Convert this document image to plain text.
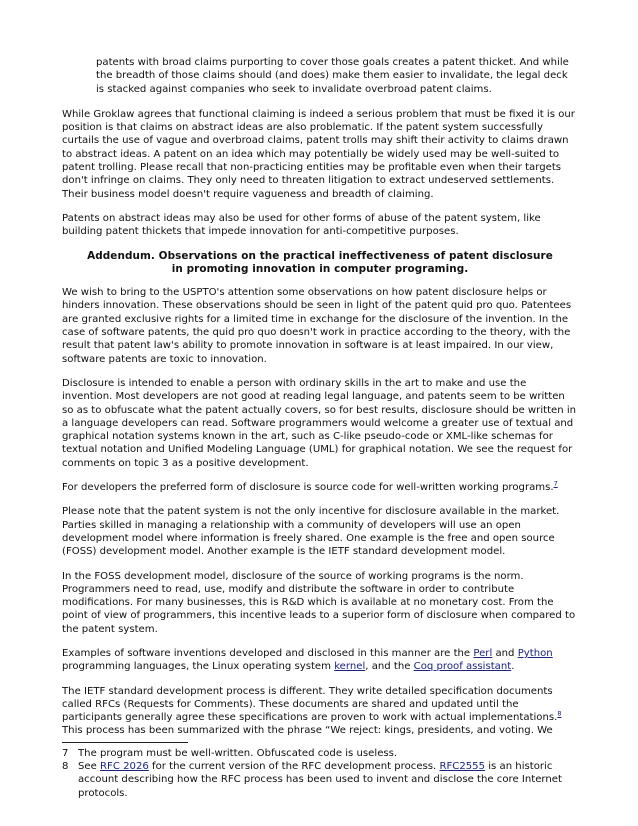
patents with broad claims purporting to cover those goals creates a patent thicket. And while the breadth of those claims should (and does) make them easier to invalidate, the legal deck is stacked against companies who seek to invalidate overbroad patent claims.

While Groklaw agrees that functional claiming is indeed a serious problem that must be fixed it is our position is that claims on abstract ideas are also problematic. If the patent system successfully curtails the use of vague and overbroad claims, patent trolls may shift their activity to claims drawn to abstract ideas. A patent on an idea which may potentially be widely used may be well-suited to patent trolling. Please recall that non-practicing entities may be profitable even when their targets don't infringe on claims. They only need to threaten litigation to extract undeserved settlements. Their business model doesn't require vagueness and breadth of claiming.

Patents on abstract ideas may also be used for other forms of abuse of the patent system, like building patent thickets that impede innovation for anti-competitive purposes.

Addendum. Observations on the practical ineffectiveness of patent disclosure
in promoting innovation in computer programing.

We wish to bring to the USPTO's attention some observations on how patent disclosure helps or hinders innovation. These observations should be seen in light of the patent quid pro quo. Patentees are granted exclusive rights for a limited time in exchange for the disclosure of the invention. In the case of software patents, the quid pro quo doesn't work in practice according to the theory, with the result that patent law's ability to promote innovation in software is at least impaired. In our view, software patents are toxic to innovation.

Disclosure is intended to enable a person with ordinary skills in the art to make and use the invention. Most developers are not good at reading legal language, and patents seem to be written so as to obfuscate what the patent actually covers, so for best results, disclosure should be written in a language developers can read. Software programmers would welcome a greater use of textual and graphical notation systems known in the art, such as C-like pseudo-code or XML-like schemas for textual notation and Unified Modeling Language (UML) for graphical notation. We see the request for comments on topic 3 as a positive development.

For developers the preferred form of disclosure is source code for well-written working programs.$^7$

Please note that the patent system is not the only incentive for disclosure available in the market. Parties skilled in managing a relationship with a community of developers will use an open development model where information is freely shared. One example is the free and open source (FOSS) development model. Another example is the IETF standard development model.

In the FOSS development model, disclosure of the source of working programs is the norm. Programmers need to read, use, modify and distribute the software in order to contribute modifications. For many businesses, this is R&D which is available at no monetary cost. From the point of view of programmers, this incentive leads to a superior form of disclosure when compared to the patent system.

Examples of software inventions developed and disclosed in this manner are the Perl and Python programming languages, the Linux operating system kernel, and the Coq proof assistant.

The IETF standard development process is different. They write detailed specification documents called RFCs (Requests for Comments). These documents are shared and updated until the participants generally agree these specifications are proven to work with actual implementations.$^8$
This process has been summarized with the phrase “We reject: kings, presidents, and voting. We

7 The program must be well-written. Obfuscated code is useless.
8 See RFC 2026 for the current version of the RFC development process. RFC2555 is an historic account describing how the RFC process has been used to invent and disclose the core Internet protocols.
